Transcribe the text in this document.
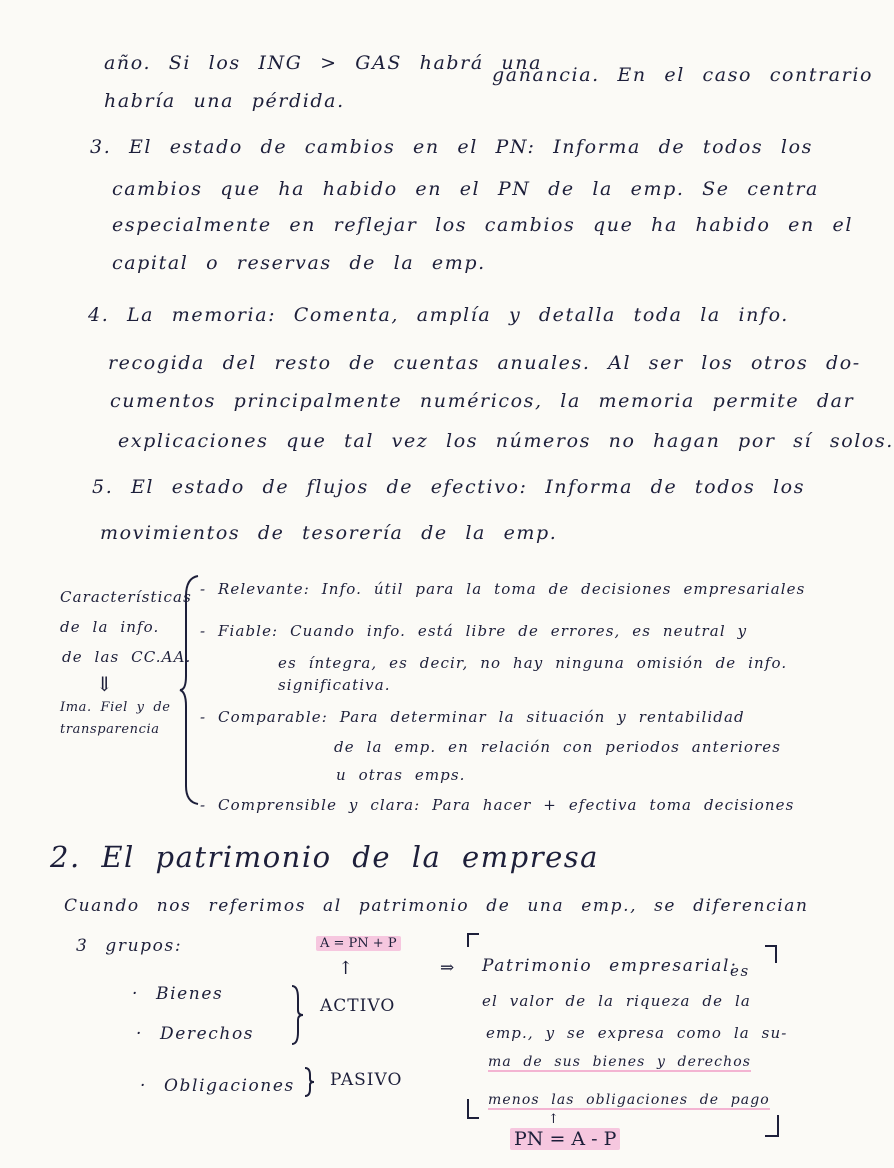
año. Si los ING > GAS habrá una
ganancia. En el caso contrario
habría una pérdida.
3. El estado de cambios en el PN: Informa de todos los
cambios que ha habido en el PN de la emp. Se centra
especialmente en reflejar los cambios que ha habido en el
capital o reservas de la emp.
4. La memoria: Comenta, amplía y detalla toda la info.
recogida del resto de cuentas anuales. Al ser los otros do-
cumentos principalmente numéricos, la memoria permite dar
explicaciones que tal vez los números no hagan por sí solos.
5. El estado de flujos de efectivo: Informa de todos los
movimientos de tesorería de la emp.
Características
de la info.
de las CC.AA.
⇓
Ima. Fiel y de
transparencia
- Relevante: Info. útil para la toma de decisiones empresariales
- Fiable: Cuando info. está libre de errores, es neutral y
es íntegra, es decir, no hay ninguna omisión de info.
significativa.
- Comparable: Para determinar la situación y rentabilidad
de la emp. en relación con periodos anteriores
u otras emps.
- Comprensible y clara: Para hacer + efectiva toma decisiones
2. El patrimonio de la empresa
Cuando nos referimos al patrimonio de una emp., se diferencian
3 grupos:	A = PN + P
↑
· Bienes
· Derechos
· Obligaciones
ACTIVO
PASIVO
⇒ Patrimonio empresarial:
es
el valor de la riqueza de la
emp., y se expresa como la su-
ma de sus bienes y derechos
menos las obligaciones de pago
↑
PN = A - P
